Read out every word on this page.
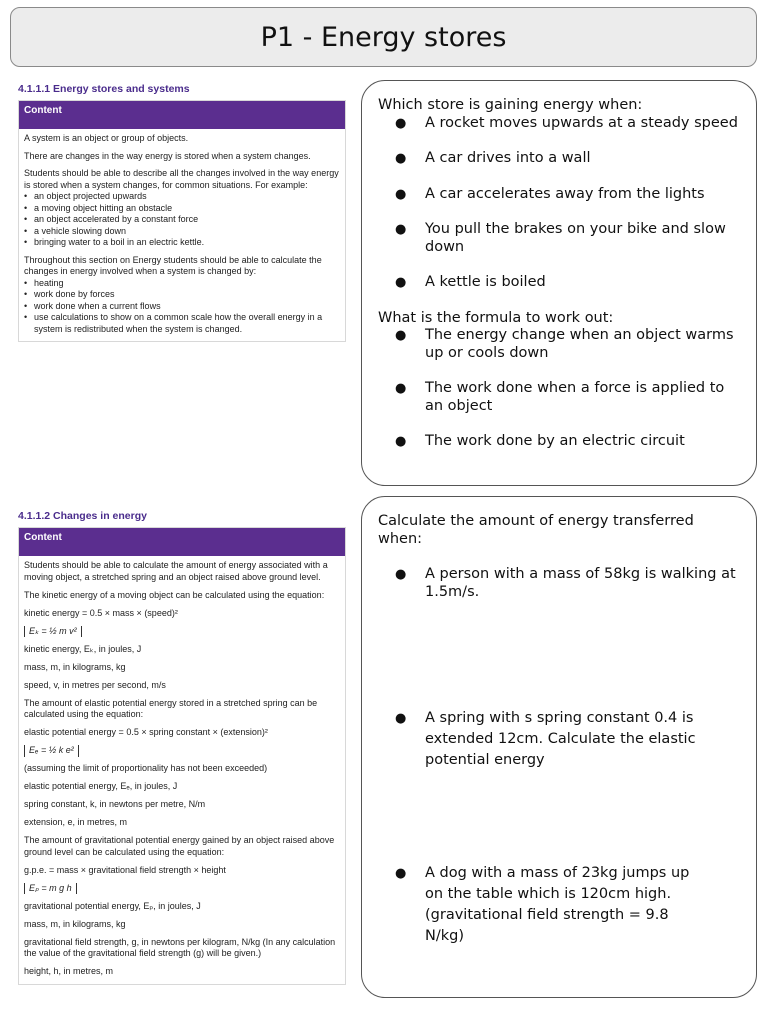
P1 - Energy stores
4.1.1.1 Energy stores and systems
Content

A system is an object or group of objects.

There are changes in the way energy is stored when a system changes.

Students should be able to describe all the changes involved in the way energy is stored when a system changes, for common situations. For example:

• an object projected upwards
• a moving object hitting an obstacle
• an object accelerated by a constant force
• a vehicle slowing down
• bringing water to a boil in an electric kettle.

Throughout this section on Energy students should be able to calculate the changes in energy involved when a system is changed by:

• heating
• work done by forces
• work done when a current flows
• use calculations to show on a common scale how the overall energy in a system is redistributed when the system is changed.
4.1.1.2 Changes in energy
Content

Students should be able to calculate the amount of energy associated with a moving object, a stretched spring and an object raised above ground level.

The kinetic energy of a moving object can be calculated using the equation:

kinetic energy = 0.5 × mass × (speed)²

Eₖ = ½ m v²

kinetic energy, Eₖ, in joules, J

mass, m, in kilograms, kg

speed, v, in metres per second, m/s

The amount of elastic potential energy stored in a stretched spring can be calculated using the equation:

elastic potential energy = 0.5 × spring constant × (extension)²

Eₑ = ½ k e²

(assuming the limit of proportionality has not been exceeded)

elastic potential energy, Eₑ, in joules, J

spring constant, k, in newtons per metre, N/m

extension, e, in metres, m

The amount of gravitational potential energy gained by an object raised above ground level can be calculated using the equation:

g.p.e. = mass × gravitational field strength × height

Eₚ = m g h

gravitational potential energy, Eₚ, in joules, J

mass, m, in kilograms, kg

gravitational field strength, g, in newtons per kilogram, N/kg (In any calculation the value of the gravitational field strength (g) will be given.)

height, h, in metres, m

Which store is gaining energy when:
● A rocket moves upwards at a steady speed
● A car drives into a wall
● A car accelerates away from the lights
● You pull the brakes on your bike and slow down
● A kettle is boiled
What is the formula to work out:
● The energy change when an object warms up or cools down
● The work done when a force is applied to an object
● The work done by an electric circuit
Calculate the amount of energy transferred when:
● A person with a mass of 58kg is walking at 1.5m/s.
● A spring with s spring constant 0.4 is extended 12cm. Calculate the elastic potential energy
● A dog with a mass of 23kg jumps up on the table which is 120cm high. (gravitational field strength = 9.8 N/kg)
